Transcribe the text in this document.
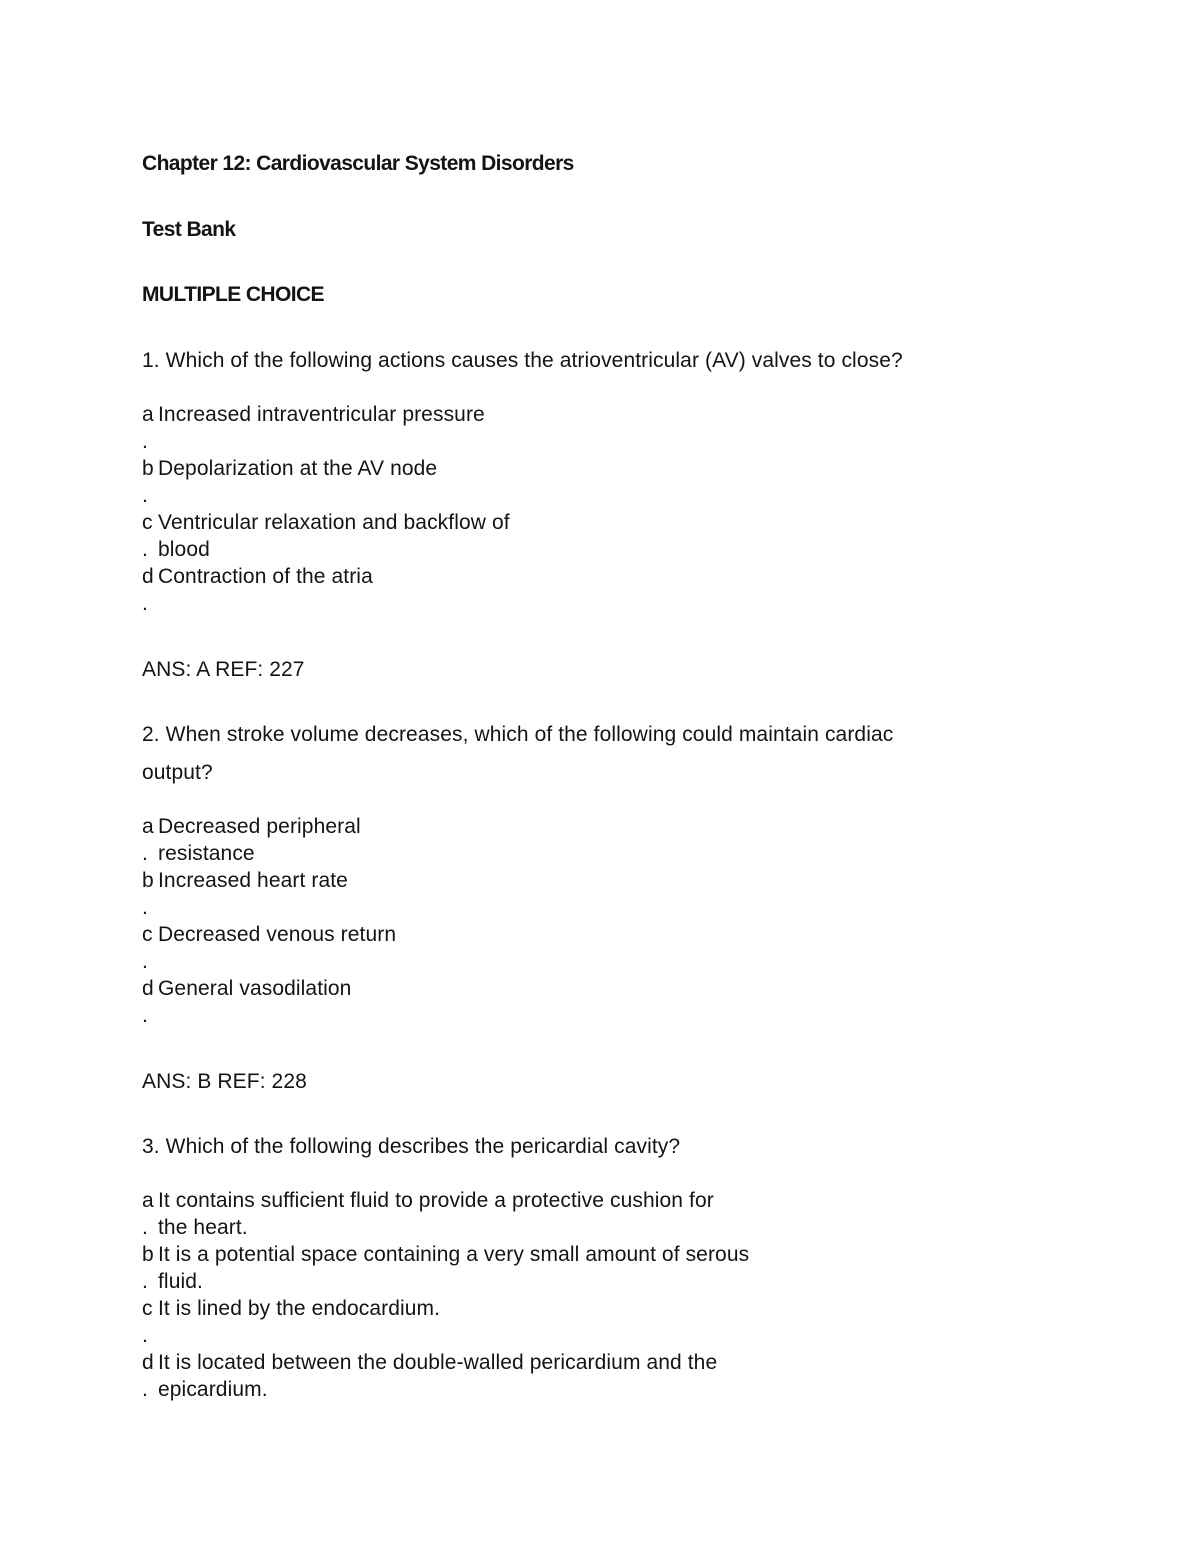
Chapter 12: Cardiovascular System Disorders
Test Bank
MULTIPLE CHOICE
1. Which of the following actions causes the atrioventricular (AV) valves to close?
a Increased intraventricular pressure
.
b Depolarization at the AV node
.
c Ventricular relaxation and backflow of
. blood
d Contraction of the atria
.
ANS: A REF: 227
2. When stroke volume decreases, which of the following could maintain cardiac
output?
a Decreased peripheral
. resistance
b Increased heart rate
.
c Decreased venous return
.
d General vasodilation
.
ANS: B REF: 228
3. Which of the following describes the pericardial cavity?
a It contains sufficient fluid to provide a protective cushion for
. the heart.
b It is a potential space containing a very small amount of serous
. fluid.
c It is lined by the endocardium.
.
d It is located between the double-walled pericardium and the
. epicardium.
